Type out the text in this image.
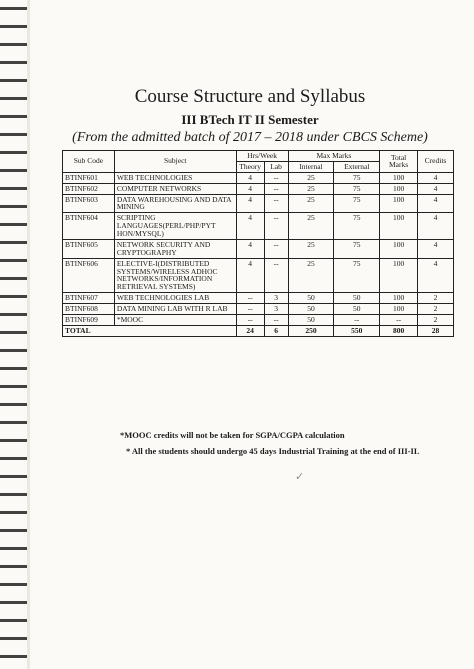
Course Structure and Syllabus
III BTech IT II Semester
(From the admitted batch of 2017 – 2018 under CBCS Scheme)
Sub Code	Subject	Hrs/Week		Max Marks		Total Marks	Credits
		Theory	Lab	Internal	External		
BTINF601	WEB TECHNOLOGIES	4	--	25	75	100	4
BTINF602	COMPUTER NETWORKS	4	--	25	75	100	4
BTINF603	DATA WAREHOUSING AND DATA MINING	4	--	25	75	100	4
BTINF604	SCRIPTING LANGUAGES(PERL/PHP/PYT HON/MYSQL)	4	--	25	75	100	4
BTINF605	NETWORK SECURITY AND CRYPTOGRAPHY	4	--	25	75	100	4
BTINF606	ELECTIVE-I(DISTRIBUTED SYSTEMS/WIRELESS ADHOC NETWORKS/INFORMATION RETRIEVAL SYSTEMS)	4	--	25	75	100	4
BTINF607	WEB TECHNOLOGIES LAB	--	3	50	50	100	2
BTINF608	DATA MINING LAB WITH R LAB	--	3	50	50	100	2
BTINF609	*MOOC	--	--	50	--	--	2
TOTAL		24	6	250	550	800	28
*MOOC credits will not be taken for SGPA/CGPA calculation
* All the students should undergo 45 days Industrial Training at the end of III-II.
✓
